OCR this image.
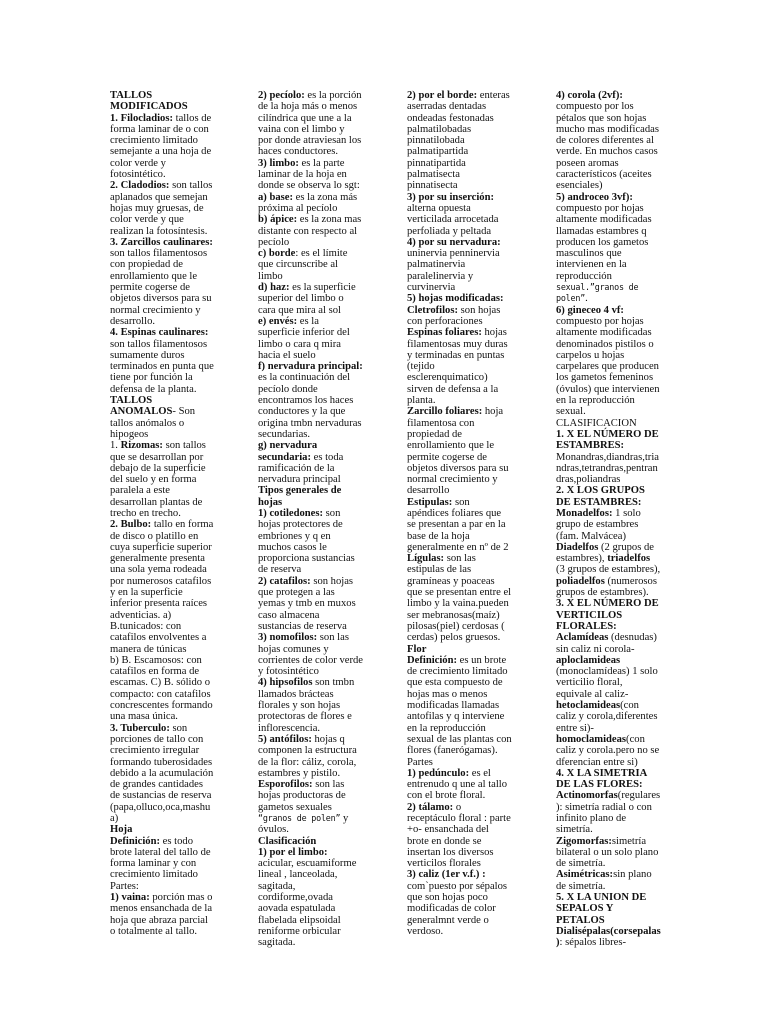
TALLOS
MODIFICADOS
1. Filocladios: tallos de
forma laminar de o con
crecimiento limitado
semejante a una hoja de
color verde y
fotosintético.
2. Cladodios: son tallos
aplanados que semejan
hojas muy gruesas, de
color verde y que
realizan la fotosíntesis.
3. Zarcillos caulinares:
son tallos filamentosos
con propiedad de
enrollamiento que le
permite cogerse de
objetos diversos para su
normal crecimiento y
desarrollo.
4. Espinas caulinares:
son tallos filamentosos
sumamente duros
terminados en punta que
tiene por función la
defensa de la planta.
TALLOS
ANOMALOS- Son
tallos anómalos o
hipogeos
1. Rizomas: son tallos
que se desarrollan por
debajo de la superficie
del suelo y en forma
paralela a este
desarrollan plantas de
trecho en trecho.
2. Bulbo: tallo en forma
de disco o platillo en
cuya superficie superior
generalmente presenta
una sola yema rodeada
por numerosos catafilos
y en la superficie
inferior presenta raíces
adventicias. a)
B.tunicados: con
catafilos envolventes a
manera de túnicas
b) B. Escamosos: con
catafilos en forma de
escamas. C) B. sólido o
compacto: con catafilos
concrescentes formando
una masa única.
3. Tuberculo: son
porciones de tallo con
crecimiento irregular
formando tuberosidades
debido a la acumulación
de grandes cantidades
de sustancias de reserva
(papa,olluco,oca,mashu
a)
Hoja
Definición: es todo
brote lateral del tallo de
forma laminar y con
crecimiento limitado
Partes:
1) vaina: porción mas o
menos ensanchada de la
hoja que abraza parcial
o totalmente al tallo.
2) pecíolo: es la porción
de la hoja más o menos
cilíndrica que une a la
vaina con el limbo y
por donde atraviesan los
haces conductores.
3) limbo: es la parte
laminar de la hoja en
donde se observa lo sgt:
a) base: es la zona más
próxima al pecíolo
b) ápice: es la zona mas
distante con respecto al
pecíolo
c) borde: es el límite
que circunscribe al
limbo
d) haz: es la superficie
superior del limbo o
cara que mira al sol
e) envés: es la
superficie inferior del
limbo o cara q mira
hacia el suelo
f) nervadura principal:
es la continuación del
pecíolo donde
encontramos los haces
conductores y la que
origina tmbn nervaduras
secundarias.
g) nervadura
secundaria: es toda
ramificación de la
nervadura principal
Tipos generales de
hojas
1) cotiledones: son
hojas protectores de
embriones y q en
muchos casos le
proporciona sustancias
de reserva
2) catafilos: son hojas
que protegen a las
yemas y tmb en muxos
caso almacena
sustancias de reserva
3) nomofilos: son las
hojas comunes y
corrientes de color verde
y fotosintético
4) hipsofilos son tmbn
llamados brácteas
florales y son hojas
protectoras de flores e
inflorescencia.
5) antófilos: hojas q
componen la estructura
de la flor: cáliz, corola,
estambres y pistilo.
Esporofilos: son las
hojas productoras de
gametos sexuales
“granos de polen” y
óvulos.
Clasificación
1) por el limbo:
acicular, escuamiforme
lineal , lanceolada,
sagitada,
cordiforme,ovada
aovada espatulada
flabelada elipsoidal
reniforme orbicular
sagitada.
2) por el borde: enteras
aserradas dentadas
ondeadas festonadas
palmatilobadas
pinnatilobada
palmatipartida
pinnatipartida
palmatisecta
pinnatisecta
3) por su inserción:
alterna opuesta
verticilada arrocetada
perfoliada y peltada
4) por su nervadura:
uninervia penninervia
palmatinervia
paralelinervia y
curvinervia
5) hojas modificadas:
Cletrofilos: son hojas
con perforaciones
Espinas foliares: hojas
filamentosas muy duras
y terminadas en puntas
(tejido
esclerenquimatico)
sirven de defensa a la
planta.
Zarcillo foliares: hoja
filamentosa con
propiedad de
enrollamiento que le
permite cogerse de
objetos diversos para su
normal crecimiento y
desarrollo
Estipulas: son
apéndices foliares que
se presentan a par en la
base de la hoja
generalmente en nº de 2
Lígulas: son las
estipulas de las
gramíneas y poaceas
que se presentan entre el
limbo y la vaina.pueden
ser mebranosas(maíz)
pilosas(piel) cerdosas (
cerdas) pelos gruesos.
Flor
Definición: es un brote
de crecimiento limitado
que esta compuesto de
hojas mas o menos
modificadas llamadas
antofilas y q interviene
en la reproducción
sexual de las plantas con
flores (fanerógamas).
Partes
1) pedúnculo: es el
entrenudo q une al tallo
con el brote floral.
2) tálamo: o
receptáculo floral : parte
+o- ensanchada del
brote en donde se
insertan los diversos
verticilos florales
3) caliz (1er v.f.) :
com`puesto por sépalos
que son hojas poco
modificadas de color
generalmnt verde o
verdoso.
4) corola (2vf):
compuesto por los
pétalos que son hojas
mucho mas modificadas
de colores diferentes al
verde. En muchos casos
poseen aromas
característicos (aceites
esenciales)
5) androceo 3vf):
compuesto por hojas
altamente modificadas
llamadas estambres q
producen los gametos
masculinos que
intervienen en la
reproducción
sexual.”granos de
polen”.
6) gineceo 4 vf:
compuesto por hojas
altamente modificadas
denominados pistilos o
carpelos u hojas
carpelares que producen
los gametos femeninos
(óvulos) que intervienen
en la reproducción
sexual.
CLASIFICACION
1. X EL NÚMERO DE
ESTAMBRES:
Monandras,diandras,tria
ndras,tetrandras,pentran
dras,poliandras
2. X LOS GRUPOS
DE ESTAMBRES:
Monadelfos: 1 solo
grupo de estambres
(fam. Malvácea)
Diadelfos (2 grupos de
estambres), triadelfos
(3 grupos de estambres),
poliadelfos (numerosos
grupos de estambres).
3. X EL NÚMERO DE
VERTICILOS
FLORALES:
Aclamídeas (desnudas)
sin caliz ni corola-
aploclamideas
(monoclamídeas) 1 solo
verticilio floral,
equivale al caliz-
hetoclamideas(con
caliz y corola,diferentes
entre si)-
homoclamideas(con
caliz y corola.pero no se
dferencian entre si)
4. X LA SIMETRIA
DE LAS FLORES:
Actinomorfas(regulares
): simetría radial o con
infinito plano de
simetría.
Zigomorfas:simetría
bilateral o un solo plano
de simetría.
Asimétricas:sin plano
de simetría.
5. X LA UNION DE
SEPALOS Y
PETALOS
Dialisépalas(corsepalas
): sépalos libres-
